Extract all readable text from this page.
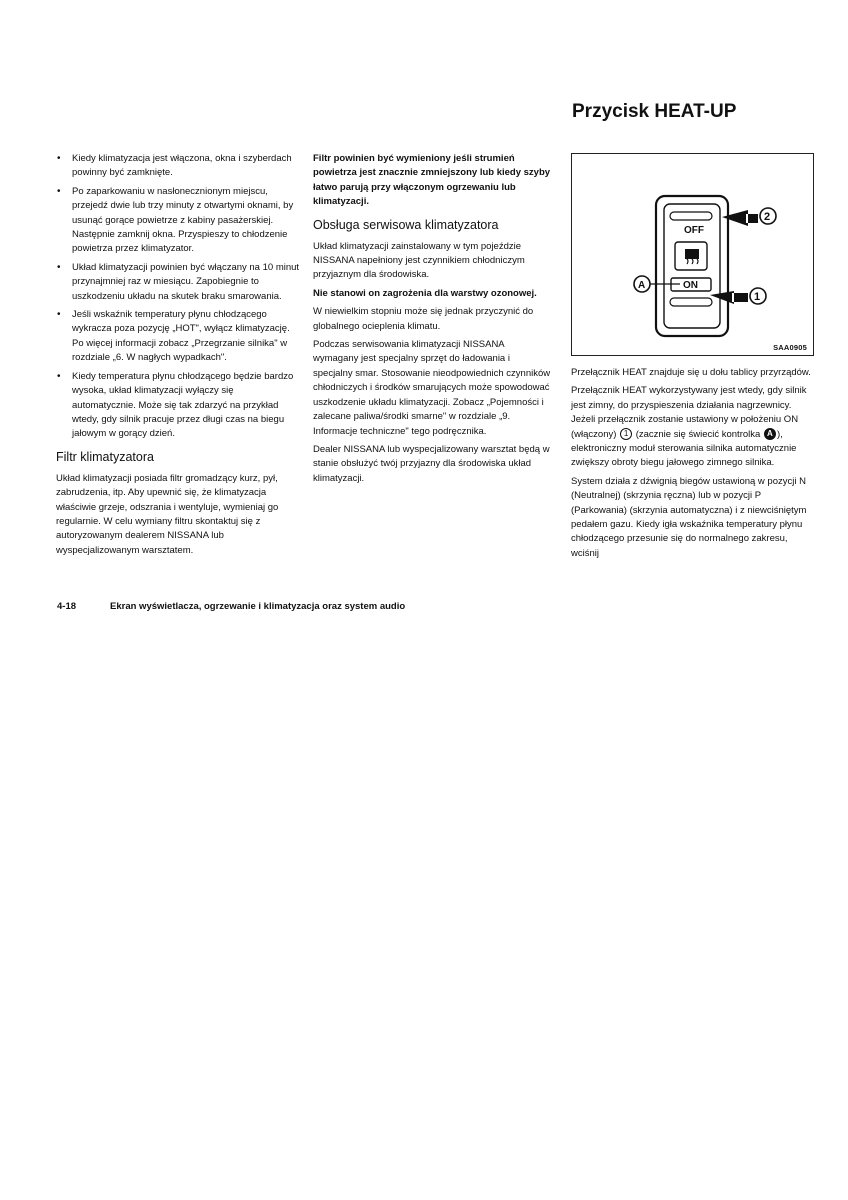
Przycisk HEAT-UP
• Kiedy klimatyzacja jest włączona, okna i szyberdach powinny być zamknięte.
• Po zaparkowaniu w nasłonecznionym miejscu, przejedź dwie lub trzy minuty z otwartymi oknami, by usunąć gorące powietrze z kabiny pasażerskiej. Następnie zamknij okna. Przyspieszy to chłodzenie powietrza przez klimatyzator.
• Układ klimatyzacji powinien być włączany na 10 minut przynajmniej raz w miesiącu. Zapobiegnie to uszkodzeniu układu na skutek braku smarowania.
• Jeśli wskaźnik temperatury płynu chłodzącego wykracza poza pozycję „HOT", wyłącz klimatyzację. Po więcej informacji zobacz „Przegrzanie silnika" w rozdziale „6. W nagłych wypadkach".
• Kiedy temperatura płynu chłodzącego będzie bardzo wysoka, układ klimatyzacji wyłączy się automatycznie. Może się tak zdarzyć na przykład wtedy, gdy silnik pracuje przez długi czas na biegu jałowym w gorący dzień.
Filtr klimatyzatora

Układ klimatyzacji posiada filtr gromadzący kurz, pył, zabrudzenia, itp. Aby upewnić się, że klimatyzacja właściwie grzeje, odszrania i wentyluje, wymieniaj go regularnie. W celu wymiany filtru skontaktuj się z autoryzowanym dealerem NISSANA lub wyspecjalizowanym warsztatem.

Filtr powinien być wymieniony jeśli strumień powietrza jest znacznie zmniejszony lub kiedy szyby łatwo parują przy włączonym ogrzewaniu lub klimatyzacji.

Obsługa serwisowa klimatyzatora

Układ klimatyzacji zainstalowany w tym pojeździe NISSANA napełniony jest czynnikiem chłodniczym przyjaznym dla środowiska.

Nie stanowi on zagrożenia dla warstwy ozonowej.

W niewielkim stopniu może się jednak przyczynić do globalnego ocieplenia klimatu.

Podczas serwisowania klimatyzacji NISSANA wymagany jest specjalny sprzęt do ładowania i specjalny smar. Stosowanie nieodpowiednich czynników chłodniczych i środków smarujących może spowodować uszkodzenie układu klimatyzacji. Zobacz „Pojemności i zalecane paliwa/środki smarne" w rozdziale „9. Informacje techniczne" tego podręcznika.

Dealer NISSANA lub wyspecjalizowany warsztat będą w stanie obsłużyć twój przyjazny dla środowiska układ klimatyzacji.

OFF
ON
2
1
A
SAA0905

Przełącznik HEAT znajduje się u dołu tablicy przyrządów.

Przełącznik HEAT wykorzystywany jest wtedy, gdy silnik jest zimny, do przyspieszenia działania nagrzewnicy. Jeżeli przełącznik zostanie ustawiony w położeniu ON (włączony) 1 (zacznie się świecić kontrolka A ), elektroniczny moduł sterowania silnika automatycznie zwiększy obroty biegu jałowego zimnego silnika.

System działa z dźwignią biegów ustawioną w pozycji N (Neutralnej) (skrzynia ręczna) lub w pozycji P (Parkowania) (skrzynia automatyczna) i z niewciśniętym pedałem gazu. Kiedy igła wskaźnika temperatury płynu chłodzącego przesunie się do normalnego zakresu, wciśnij

4-18	Ekran wyświetlacza, ogrzewanie i klimatyzacja oraz system audio
